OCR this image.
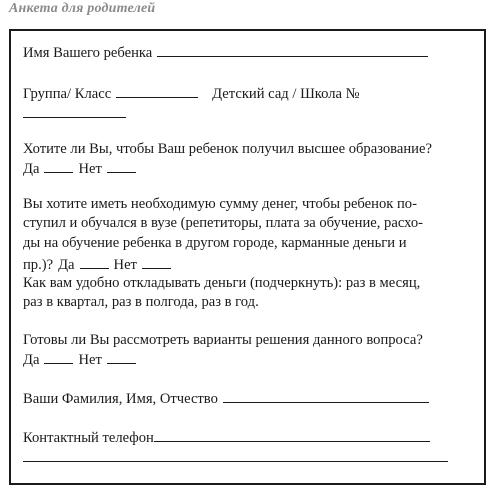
Анкета для родителей
Имя Вашего ребенка
Группа/ Класс	Детский сад / Школа №
Хотите ли Вы, чтобы Ваш ребенок получил высшее образование?
Да	Нет
Вы хотите иметь необходимую сумму денег, чтобы ребенок по-
ступил и обучался в вузе (репетиторы, плата за обучение, расхо-
ды на обучение ребенка в другом городе, карманные деньги и
пр.)? Да	Нет
Как вам удобно откладывать деньги (подчеркнуть): раз в месяц,
раз в квартал, раз в полгода, раз в год.
Готовы ли Вы рассмотреть варианты решения данного вопроса?
Да	Нет
Ваши Фамилия, Имя, Отчество
Контактный телефон
